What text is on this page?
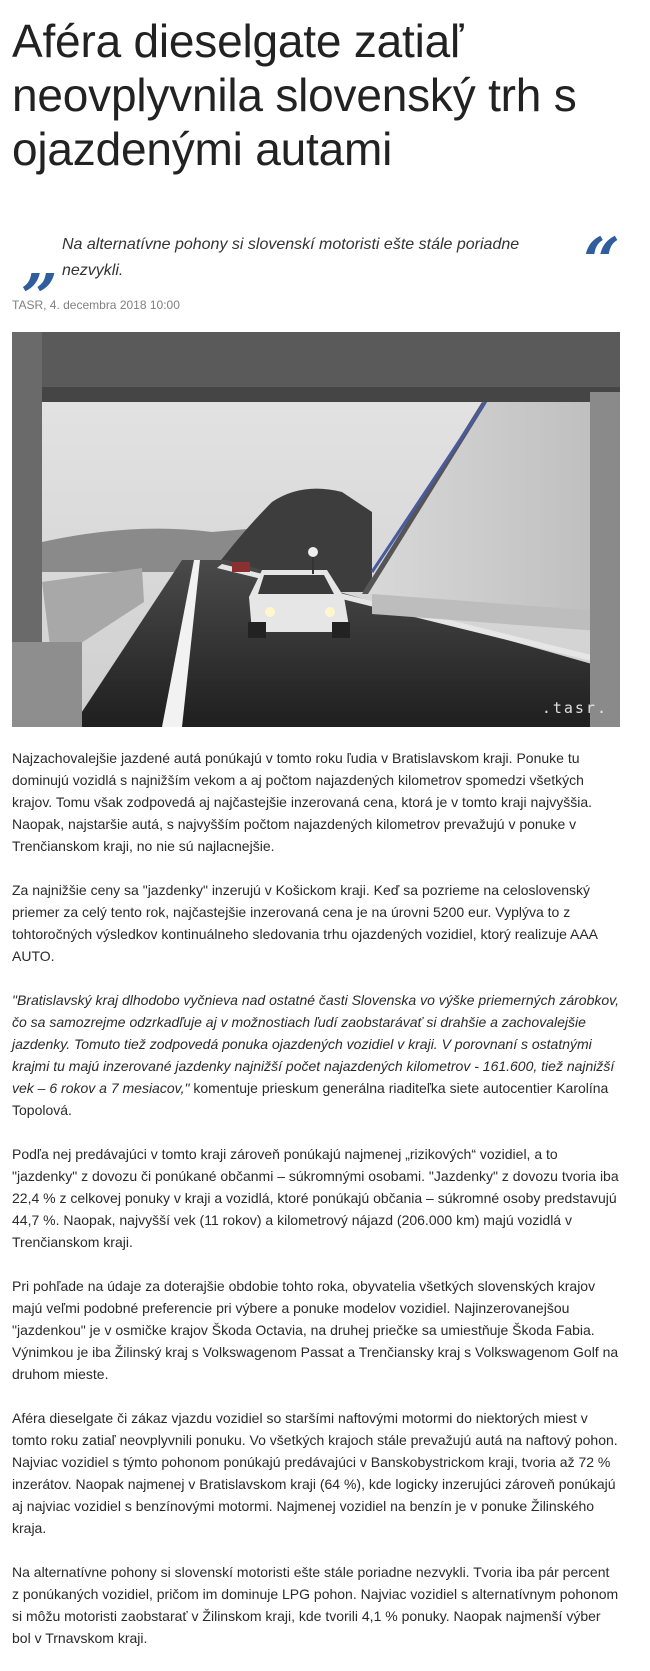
Aféra dieselgate zatiaľ neovplyvnila slovenský trh s ojazdenými autami
„ Na alternatívne pohony si slovenskí motoristi ešte stále poriadne nezvykli.	“
TASR, 4. decembra 2018 10:00
.tasr.

Najzachovalejšie jazdené autá ponúkajú v tomto roku ľudia v Bratislavskom kraji. Ponuke tu dominujú vozidlá s najnižším vekom a aj počtom najazdených kilometrov spomedzi všetkých krajov. Tomu však zodpovedá aj najčastejšie inzerovaná cena, ktorá je v tomto kraji najvyššia. Naopak, najstaršie autá, s najvyšším počtom najazdených kilometrov prevažujú v ponuke v Trenčianskom kraji, no nie sú najlacnejšie.

Za najnižšie ceny sa "jazdenky" inzerujú v Košickom kraji. Keď sa pozrieme na celoslovenský priemer za celý tento rok, najčastejšie inzerovaná cena je na úrovni 5200 eur. Vyplýva to z tohtoročných výsledkov kontinuálneho sledovania trhu ojazdených vozidiel, ktorý realizuje AAA AUTO.

"Bratislavský kraj dlhodobo vyčnieva nad ostatné časti Slovenska vo výške priemerných zárobkov, čo sa samozrejme odzrkadľuje aj v možnostiach ľudí zaobstarávať si drahšie a zachovalejšie jazdenky. Tomuto tiež zodpovedá ponuka ojazdených vozidiel v kraji. V porovnaní s ostatnými krajmi tu majú inzerované jazdenky najnižší počet najazdených kilometrov - 161.600, tiež najnižší vek – 6 rokov a 7 mesiacov," komentuje prieskum generálna riaditeľka siete autocentier Karolína Topolová.

Podľa nej predávajúci v tomto kraji zároveň ponúkajú najmenej „rizikových“ vozidiel, a to "jazdenky" z dovozu či ponúkané občanmi – súkromnými osobami. "Jazdenky" z dovozu tvoria iba 22,4 % z celkovej ponuky v kraji a vozidlá, ktoré ponúkajú občania – súkromné osoby predstavujú 44,7 %. Naopak, najvyšší vek (11 rokov) a kilometrový nájazd (206.000 km) majú vozidlá v Trenčianskom kraji.

Pri pohľade na údaje za doterajšie obdobie tohto roka, obyvatelia všetkých slovenských krajov majú veľmi podobné preferencie pri výbere a ponuke modelov vozidiel. Najinzerovanejšou "jazdenkou" je v osmičke krajov Škoda Octavia, na druhej priečke sa umiestňuje Škoda Fabia. Výnimkou je iba Žilinský kraj s Volkswagenom Passat a Trenčiansky kraj s Volkswagenom Golf na druhom mieste.

Aféra dieselgate či zákaz vjazdu vozidiel so staršími naftovými motormi do niektorých miest v tomto roku zatiaľ neovplyvnili ponuku. Vo všetkých krajoch stále prevažujú autá na naftový pohon. Najviac vozidiel s týmto pohonom ponúkajú predávajúci v Banskobystrickom kraji, tvoria až 72 % inzerátov. Naopak najmenej v Bratislavskom kraji (64 %), kde logicky inzerujúci zároveň ponúkajú aj najviac vozidiel s benzínovými motormi. Najmenej vozidiel na benzín je v ponuke Žilinského kraja.

Na alternatívne pohony si slovenskí motoristi ešte stále poriadne nezvykli. Tvoria iba pár percent z ponúkaných vozidiel, pričom im dominuje LPG pohon. Najviac vozidiel s alternatívnym pohonom si môžu motoristi zaobstarať v Žilinskom kraji, kde tvorili 4,1 % ponuky. Naopak najmenší výber bol v Trnavskom kraji.
